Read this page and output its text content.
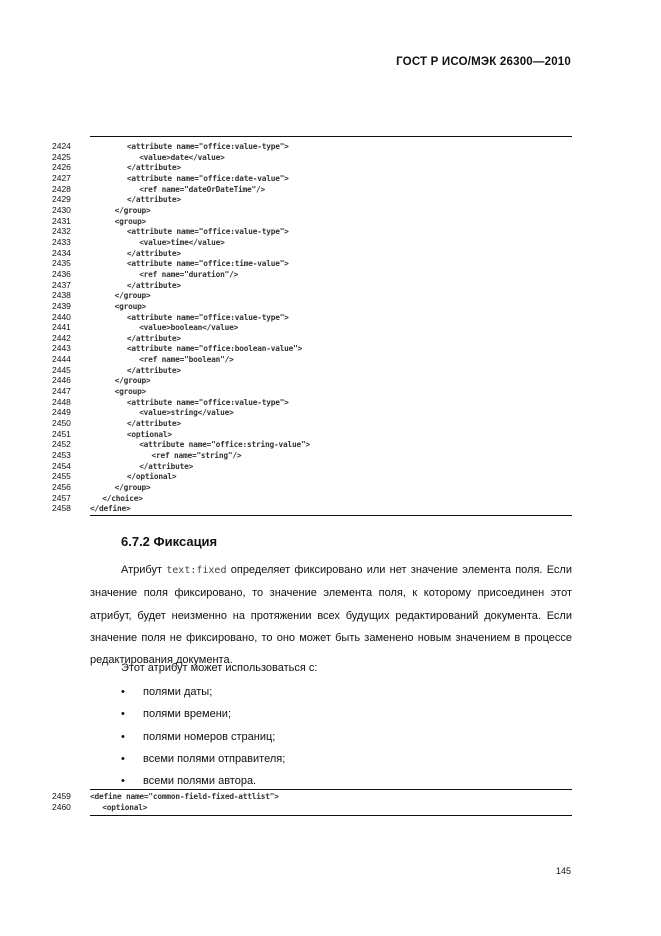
ГОСТ Р ИСО/МЭК 26300—2010
2424	<attribute name="office:value-type">
2425	<value>date</value>
2426	</attribute>
2427	<attribute name="office:date-value">
2428	<ref name="dateOrDateTime"/>
2429	</attribute>
2430	</group>
2431	<group>
2432	<attribute name="office:value-type">
2433	<value>time</value>
2434	</attribute>
2435	<attribute name="office:time-value">
2436	<ref name="duration"/>
2437	</attribute>
2438	</group>
2439	<group>
2440	<attribute name="office:value-type">
2441	<value>boolean</value>
2442	</attribute>
2443	<attribute name="office:boolean-value">
2444	<ref name="boolean"/>
2445	</attribute>
2446	</group>
2447	<group>
2448	<attribute name="office:value-type">
2449	<value>string</value>
2450	</attribute>
2451	<optional>
2452	<attribute name="office:string-value">
2453	<ref name="string"/>
2454	</attribute>
2455	</optional>
2456	</group>
2457	</choice>
2458 </define>
6.7.2 Фиксация
Атрибут text:fixed определяет фиксировано или нет значение элемента поля. Если значение поля фиксировано, то значение элемента поля, к которому присоединен этот атрибут, будет неизменно на протяжении всех будущих редактирований документа. Если значение поля не фиксировано, то оно может быть заменено новым значением в процессе редактирования документа.
Этот атрибут может использоваться с:
• полями даты;
• полями времени;
• полями номеров страниц;
• всеми полями отправителя;
• всеми полями автора.
2459 <define name="common-field-fixed-attlist">
2460	<optional>
145
